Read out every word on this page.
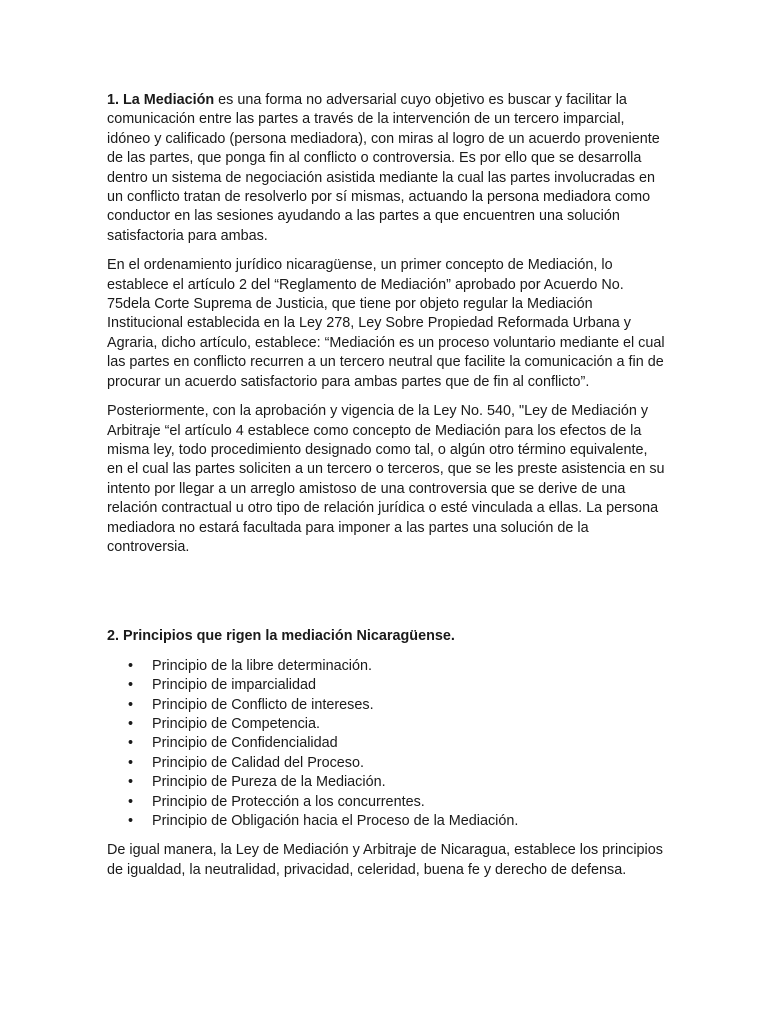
1. La Mediación es una forma no adversarial cuyo objetivo es buscar y facilitar la comunicación entre las partes a través de la intervención de un tercero imparcial, idóneo y calificado (persona mediadora), con miras al logro de un acuerdo proveniente de las partes, que ponga fin al conflicto o controversia. Es por ello que se desarrolla dentro un sistema de negociación asistida mediante la cual las partes involucradas en un conflicto tratan de resolverlo por sí mismas, actuando la persona mediadora como conductor en las sesiones ayudando a las partes a que encuentren una solución satisfactoria para ambas.

En el ordenamiento jurídico nicaragüense, un primer concepto de Mediación, lo establece el artículo 2 del “Reglamento de Mediación” aprobado por Acuerdo No. 75dela Corte Suprema de Justicia, que tiene por objeto regular la Mediación Institucional establecida en la Ley 278, Ley Sobre Propiedad Reformada Urbana y Agraria, dicho artículo, establece: “Mediación es un proceso voluntario mediante el cual las partes en conflicto recurren a un tercero neutral que facilite la comunicación a fin de procurar un acuerdo satisfactorio para ambas partes que de fin al conflicto”.

Posteriormente, con la aprobación y vigencia de la Ley No. 540, "Ley de Mediación y Arbitraje “el artículo 4 establece como concepto de Mediación para los efectos de la misma ley, todo procedimiento designado como tal, o algún otro término equivalente, en el cual las partes soliciten a un tercero o terceros, que se les preste asistencia en su intento por llegar a un arreglo amistoso de una controversia que se derive de una relación contractual u otro tipo de relación jurídica o esté vinculada a ellas. La persona mediadora no estará facultada para imponer a las partes una solución de la controversia.

2. Principios que rigen la mediación Nicaragüense.
• Principio de la libre determinación.
• Principio de imparcialidad
• Principio de Conflicto de intereses.
• Principio de Competencia.
• Principio de Confidencialidad
• Principio de Calidad del Proceso.
• Principio de Pureza de la Mediación.
• Principio de Protección a los concurrentes.
• Principio de Obligación hacia el Proceso de la Mediación.

De igual manera, la Ley de Mediación y Arbitraje de Nicaragua, establece los principios de igualdad, la neutralidad, privacidad, celeridad, buena fe y derecho de defensa.
